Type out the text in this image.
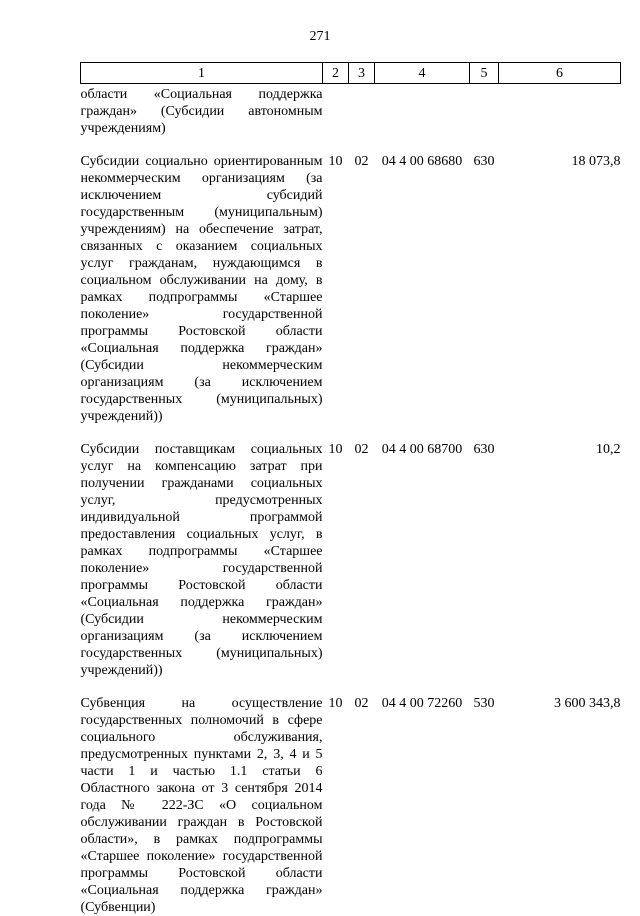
271
1	2	3	4	5	6
области «Социальная поддержка граждан» (Субсидии автономным учреждениям)					
Субсидии социально ориентированным некоммерческим организациям (за исключением субсидий государственным (муниципальным) учреждениям) на обеспечение затрат, связанных с оказанием социальных услуг гражданам, нуждающимся в социальном обслуживании на дому, в рамках подпрограммы «Старшее поколение» государственной программы Ростовской области «Социальная поддержка граждан» (Субсидии некоммерческим организациям (за исключением государственных (муниципальных) учреждений))	10	02	04 4 00 68680	630	18 073,8
Субсидии поставщикам социальных услуг на компенсацию затрат при получении гражданами социальных услуг, предусмотренных индивидуальной программой предоставления социальных услуг, в рамках подпрограммы «Старшее поколение» государственной программы Ростовской области «Социальная поддержка граждан» (Субсидии некоммерческим организациям (за исключением государственных (муниципальных) учреждений))	10	02	04 4 00 68700	630	10,2
Субвенция на осуществление государственных полномочий в сфере социального обслуживания, предусмотренных пунктами 2, 3, 4 и 5 части 1 и частью 1.1 статьи 6 Областного закона от 3 сентября 2014 года № 222-ЗС «О социальном обслуживании граждан в Ростовской области», в рамках подпрограммы «Старшее поколение» государственной программы Ростовской области «Социальная поддержка граждан» (Субвенции)	10	02	04 4 00 72260	530	3 600 343,8
